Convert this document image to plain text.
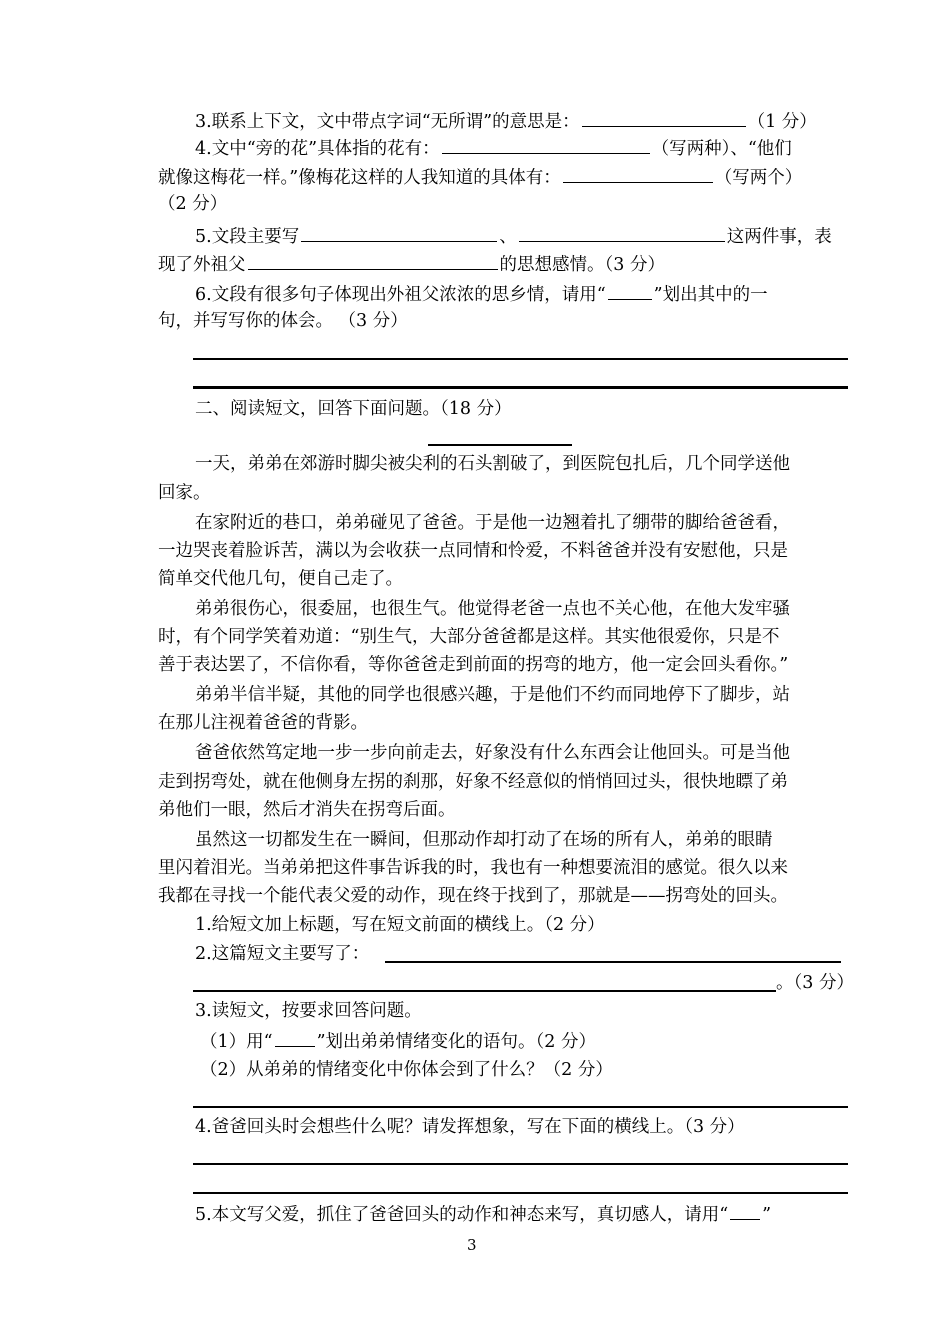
3.联系上下文，文中带点字词“无所谓”的意思是：	（1 分）
4.文中“旁的花”具体指的花有：	（写两种）、“他们
就像这梅花一样。”像梅花这样的人我知道的具体有：	（写两个）
（2 分）
5.文段主要写	、	这两件事，表
现了外祖父	的思想感情。（3 分）
6.文段有很多句子体现出外祖父浓浓的思乡情，请用“	”划出其中的一
句，并写写你的体会。 （3 分）
二、阅读短文，回答下面问题。（18 分）
一天，弟弟在郊游时脚尖被尖利的石头割破了，到医院包扎后，几个同学送他
回家。
在家附近的巷口，弟弟碰见了爸爸。于是他一边翘着扎了绷带的脚给爸爸看，
一边哭丧着脸诉苦，满以为会收获一点同情和怜爱，不料爸爸并没有安慰他，只是
简单交代他几句，便自己走了。
弟弟很伤心，很委屈，也很生气。他觉得老爸一点也不关心他，在他大发牢骚
时，有个同学笑着劝道：“别生气，大部分爸爸都是这样。其实他很爱你，只是不
善于表达罢了，不信你看，等你爸爸走到前面的拐弯的地方，他一定会回头看你。”
弟弟半信半疑，其他的同学也很感兴趣，于是他们不约而同地停下了脚步，站
在那儿注视着爸爸的背影。
爸爸依然笃定地一步一步向前走去，好象没有什么东西会让他回头。可是当他
走到拐弯处，就在他侧身左拐的刹那，好象不经意似的悄悄回过头，很快地瞟了弟
弟他们一眼，然后才消失在拐弯后面。
虽然这一切都发生在一瞬间，但那动作却打动了在场的所有人，弟弟的眼睛
里闪着泪光。当弟弟把这件事告诉我的时，我也有一种想要流泪的感觉。很久以来
我都在寻找一个能代表父爱的动作，现在终于找到了，那就是——拐弯处的回头。
1.给短文加上标题，写在短文前面的横线上。（2 分）
2.这篇短文主要写了：
。（3 分）
3.读短文，按要求回答问题。
（1）用“	”划出弟弟情绪变化的语句。（2 分）
（2）从弟弟的情绪变化中你体会到了什么？（2 分）
4.爸爸回头时会想些什么呢？请发挥想象，写在下面的横线上。（3 分）
5.本文写父爱，抓住了爸爸回头的动作和神态来写，真切感人，请用“ ”
3
